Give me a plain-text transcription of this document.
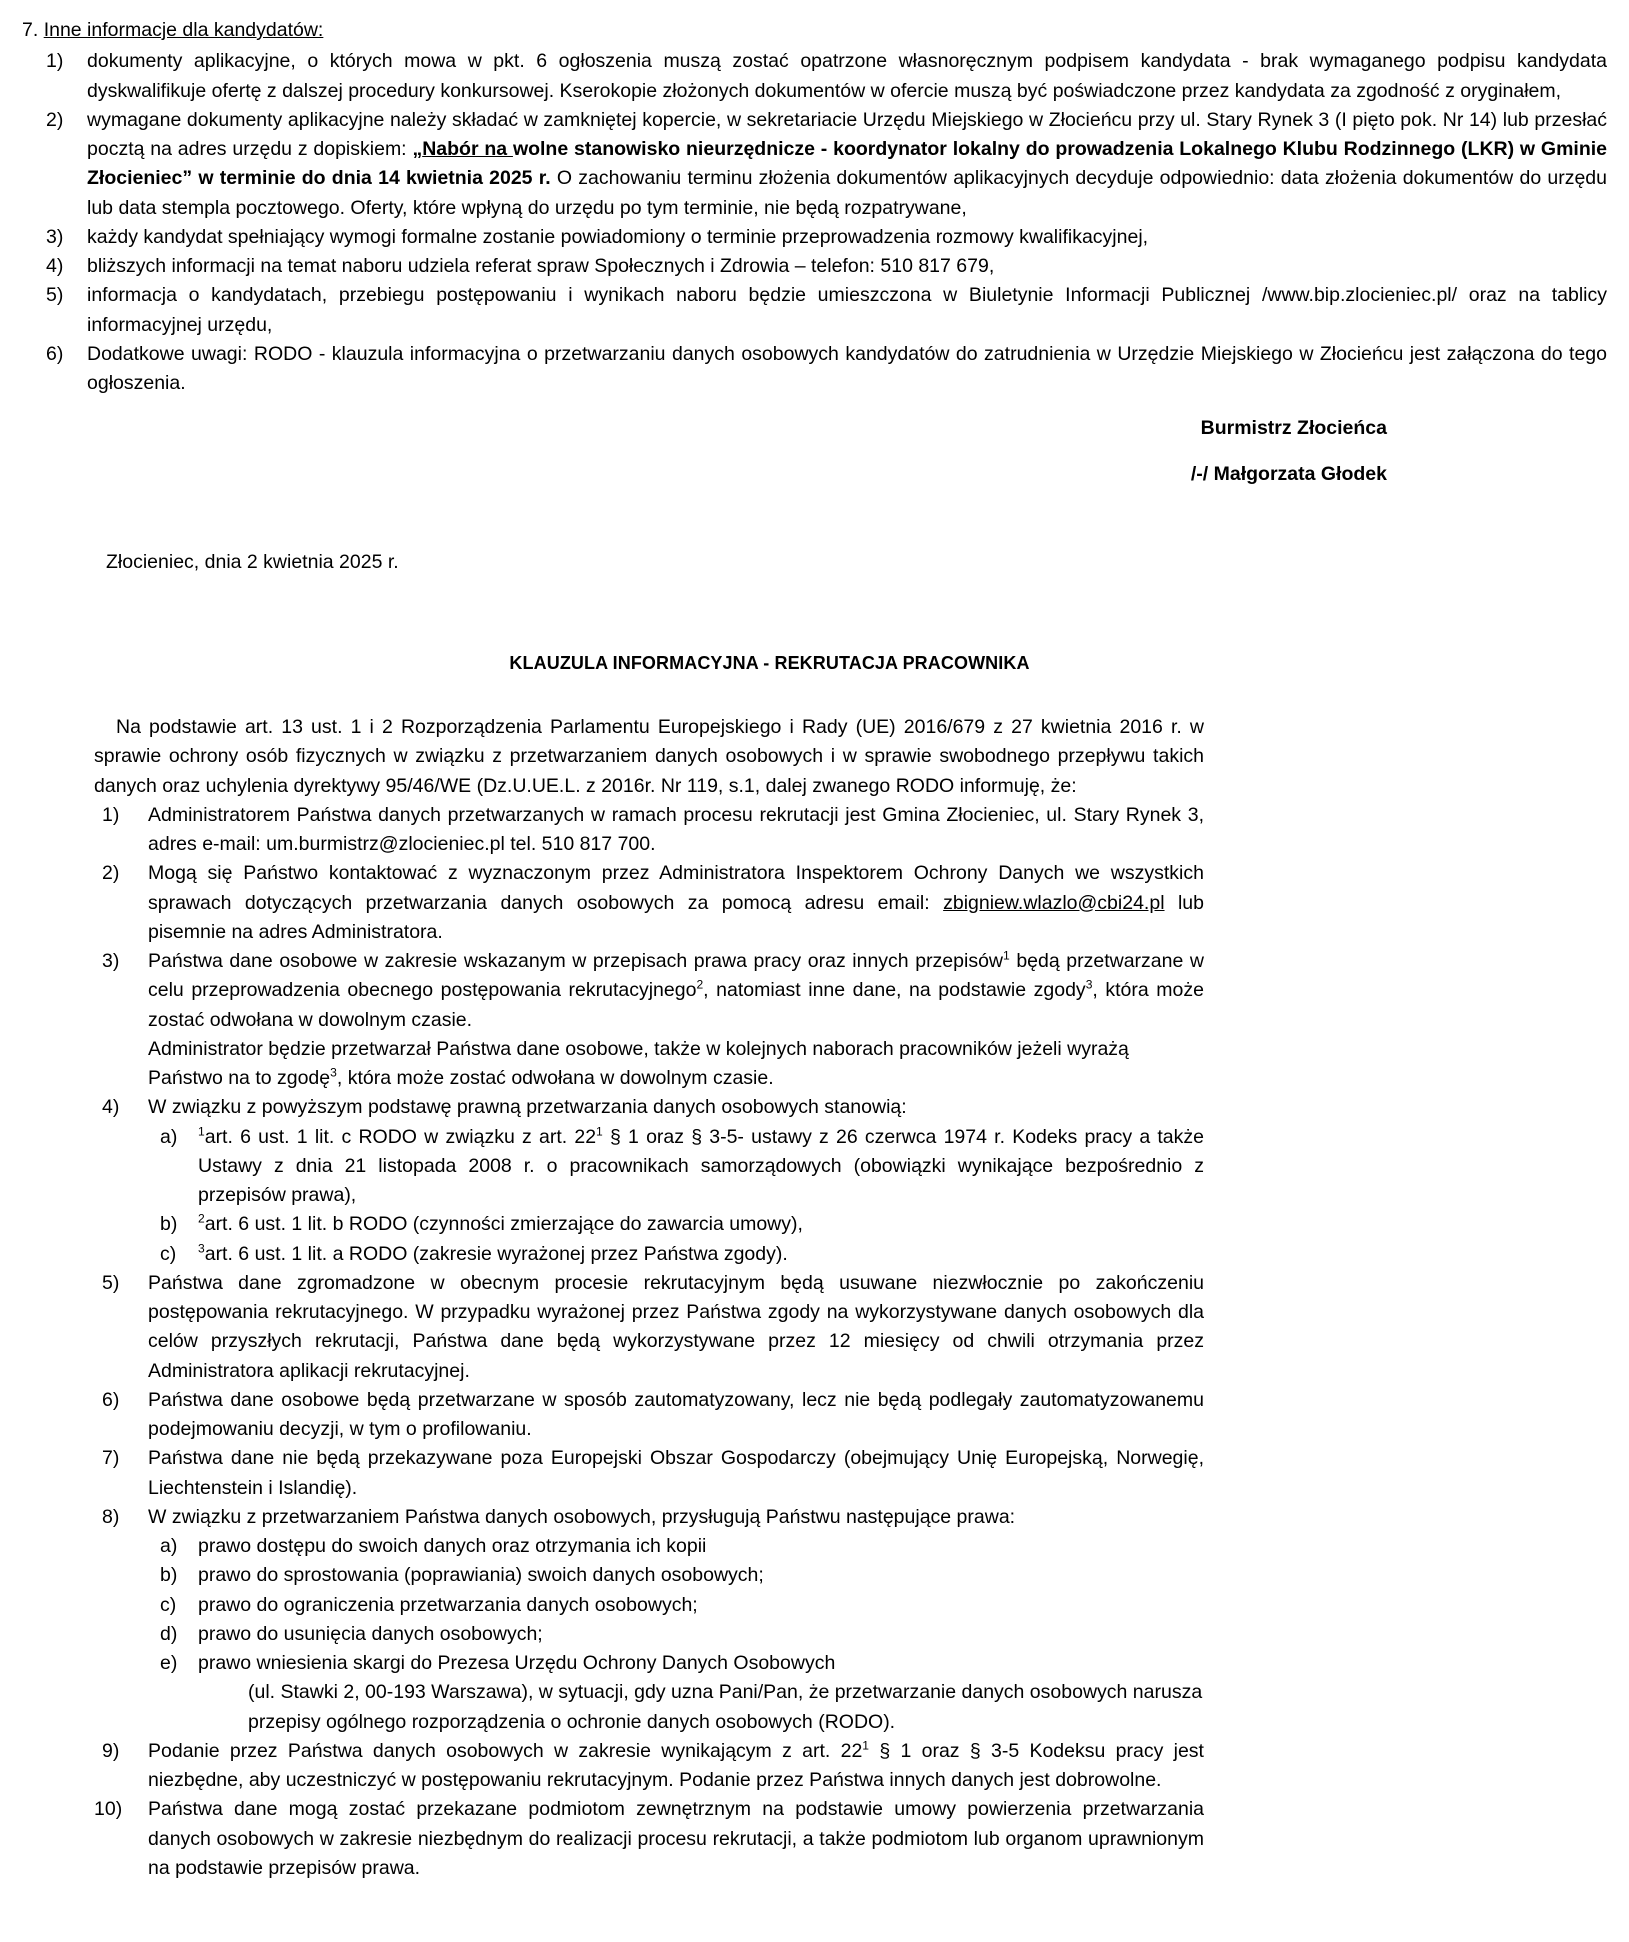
7. Inne informacje dla kandydatów:
1)	dokumenty aplikacyjne, o których mowa w pkt. 6 ogłoszenia muszą zostać opatrzone własnoręcznym podpisem kandydata - brak wymaganego podpisu kandydata dyskwalifikuje ofertę z dalszej procedury konkursowej. Kserokopie złożonych dokumentów w ofercie muszą być poświadczone przez kandydata za zgodność z oryginałem,
2)	wymagane dokumenty aplikacyjne należy składać w zamkniętej kopercie, w sekretariacie Urzędu Miejskiego w Złocieńcu przy ul. Stary Rynek 3 (I pięto pok. Nr 14) lub przesłać pocztą na adres urzędu z dopiskiem: „Nabór na wolne stanowisko nieurzędnicze - koordynator lokalny do prowadzenia Lokalnego Klubu Rodzinnego (LKR) w Gminie Złocieniec” w terminie do dnia 14 kwietnia 2025 r. O zachowaniu terminu złożenia dokumentów aplikacyjnych decyduje odpowiednio: data złożenia dokumentów do urzędu lub data stempla pocztowego. Oferty, które wpłyną do urzędu po tym terminie, nie będą rozpatrywane,
3)	każdy kandydat spełniający wymogi formalne zostanie powiadomiony o terminie przeprowadzenia rozmowy kwalifikacyjnej,
4)	bliższych informacji na temat naboru udziela referat spraw Społecznych i Zdrowia – telefon: 510 817 679,
5)	informacja o kandydatach, przebiegu postępowaniu i wynikach naboru będzie umieszczona w Biuletynie Informacji Publicznej /www.bip.zlocieniec.pl/ oraz na tablicy informacyjnej urzędu,
6)	Dodatkowe uwagi: RODO - klauzula informacyjna o przetwarzaniu danych osobowych kandydatów do zatrudnienia w Urzędzie Miejskiego w Złocieńcu jest załączona do tego ogłoszenia.
Burmistrz Złocieńca
/-/ Małgorzata Głodek
Złocieniec, dnia 2 kwietnia 2025 r.
KLAUZULA INFORMACYJNA - REKRUTACJA PRACOWNIKA
Na podstawie art. 13 ust. 1 i 2 Rozporządzenia Parlamentu Europejskiego i Rady (UE) 2016/679 z 27 kwietnia 2016 r. w sprawie ochrony osób fizycznych w związku z przetwarzaniem danych osobowych i w sprawie swobodnego przepływu takich danych oraz uchylenia dyrektywy 95/46/WE (Dz.U.UE.L. z 2016r. Nr 119, s.1, dalej zwanego RODO informuję, że:
1)	Administratorem Państwa danych przetwarzanych w ramach procesu rekrutacji jest Gmina Złocieniec, ul. Stary Rynek 3, adres e-mail: um.burmistrz@zlocieniec.pl tel. 510 817 700.
2)	Mogą się Państwo kontaktować z wyznaczonym przez Administratora Inspektorem Ochrony Danych we wszystkich sprawach dotyczących przetwarzania danych osobowych za pomocą adresu email: zbigniew.wlazlo@cbi24.pl lub pisemnie na adres Administratora.
3)	Państwa dane osobowe w zakresie wskazanym w przepisach prawa pracy oraz innych przepisów$^1$ będą przetwarzane w celu przeprowadzenia obecnego postępowania rekrutacyjnego$^2$, natomiast inne dane, na podstawie zgody$^3$, która może zostać odwołana w dowolnym czasie.
Administrator będzie przetwarzał Państwa dane osobowe, także w kolejnych naborach pracowników jeżeli wyrażą Państwo na to zgodę$^3$, która może zostać odwołana w dowolnym czasie.
4)	W związku z powyższym podstawę prawną przetwarzania danych osobowych stanowią:
a)	$^1$art. 6 ust. 1 lit. c RODO w związku z art. $22^1$ § 1 oraz § 3-5- ustawy z 26 czerwca 1974 r. Kodeks pracy a także Ustawy z dnia 21 listopada 2008 r. o pracownikach samorządowych (obowiązki wynikające bezpośrednio z przepisów prawa),
b)	$^2$art. 6 ust. 1 lit. b RODO (czynności zmierzające do zawarcia umowy),
c)	$^3$art. 6 ust. 1 lit. a RODO (zakresie wyrażonej przez Państwa zgody).
5)	Państwa dane zgromadzone w obecnym procesie rekrutacyjnym będą usuwane niezwłocznie po zakończeniu postępowania rekrutacyjnego. W przypadku wyrażonej przez Państwa zgody na wykorzystywane danych osobowych dla celów przyszłych rekrutacji, Państwa dane będą wykorzystywane przez 12 miesięcy od chwili otrzymania przez Administratora aplikacji rekrutacyjnej.
6)	Państwa dane osobowe będą przetwarzane w sposób zautomatyzowany, lecz nie będą podlegały zautomatyzowanemu podejmowaniu decyzji, w tym o profilowaniu.
7)	Państwa dane nie będą przekazywane poza Europejski Obszar Gospodarczy (obejmujący Unię Europejską, Norwegię, Liechtenstein i Islandię).
8)	W związku z przetwarzaniem Państwa danych osobowych, przysługują Państwu następujące prawa:
a)	prawo dostępu do swoich danych oraz otrzymania ich kopii
b)	prawo do sprostowania (poprawiania) swoich danych osobowych;
c)	prawo do ograniczenia przetwarzania danych osobowych;
d)	prawo do usunięcia danych osobowych;
e)	prawo wniesienia skargi do Prezesa Urzędu Ochrony Danych Osobowych
(ul. Stawki 2, 00-193 Warszawa), w sytuacji, gdy uzna Pani/Pan, że przetwarzanie danych osobowych narusza przepisy ogólnego rozporządzenia o ochronie danych osobowych (RODO).
9)	Podanie przez Państwa danych osobowych w zakresie wynikającym z art. $22^1$ § 1 oraz § 3-5 Kodeksu pracy jest niezbędne, aby uczestniczyć w postępowaniu rekrutacyjnym. Podanie przez Państwa innych danych jest dobrowolne.
10)	Państwa dane mogą zostać przekazane podmiotom zewnętrznym na podstawie umowy powierzenia przetwarzania danych osobowych w zakresie niezbędnym do realizacji procesu rekrutacji, a także podmiotom lub organom uprawnionym na podstawie przepisów prawa.
